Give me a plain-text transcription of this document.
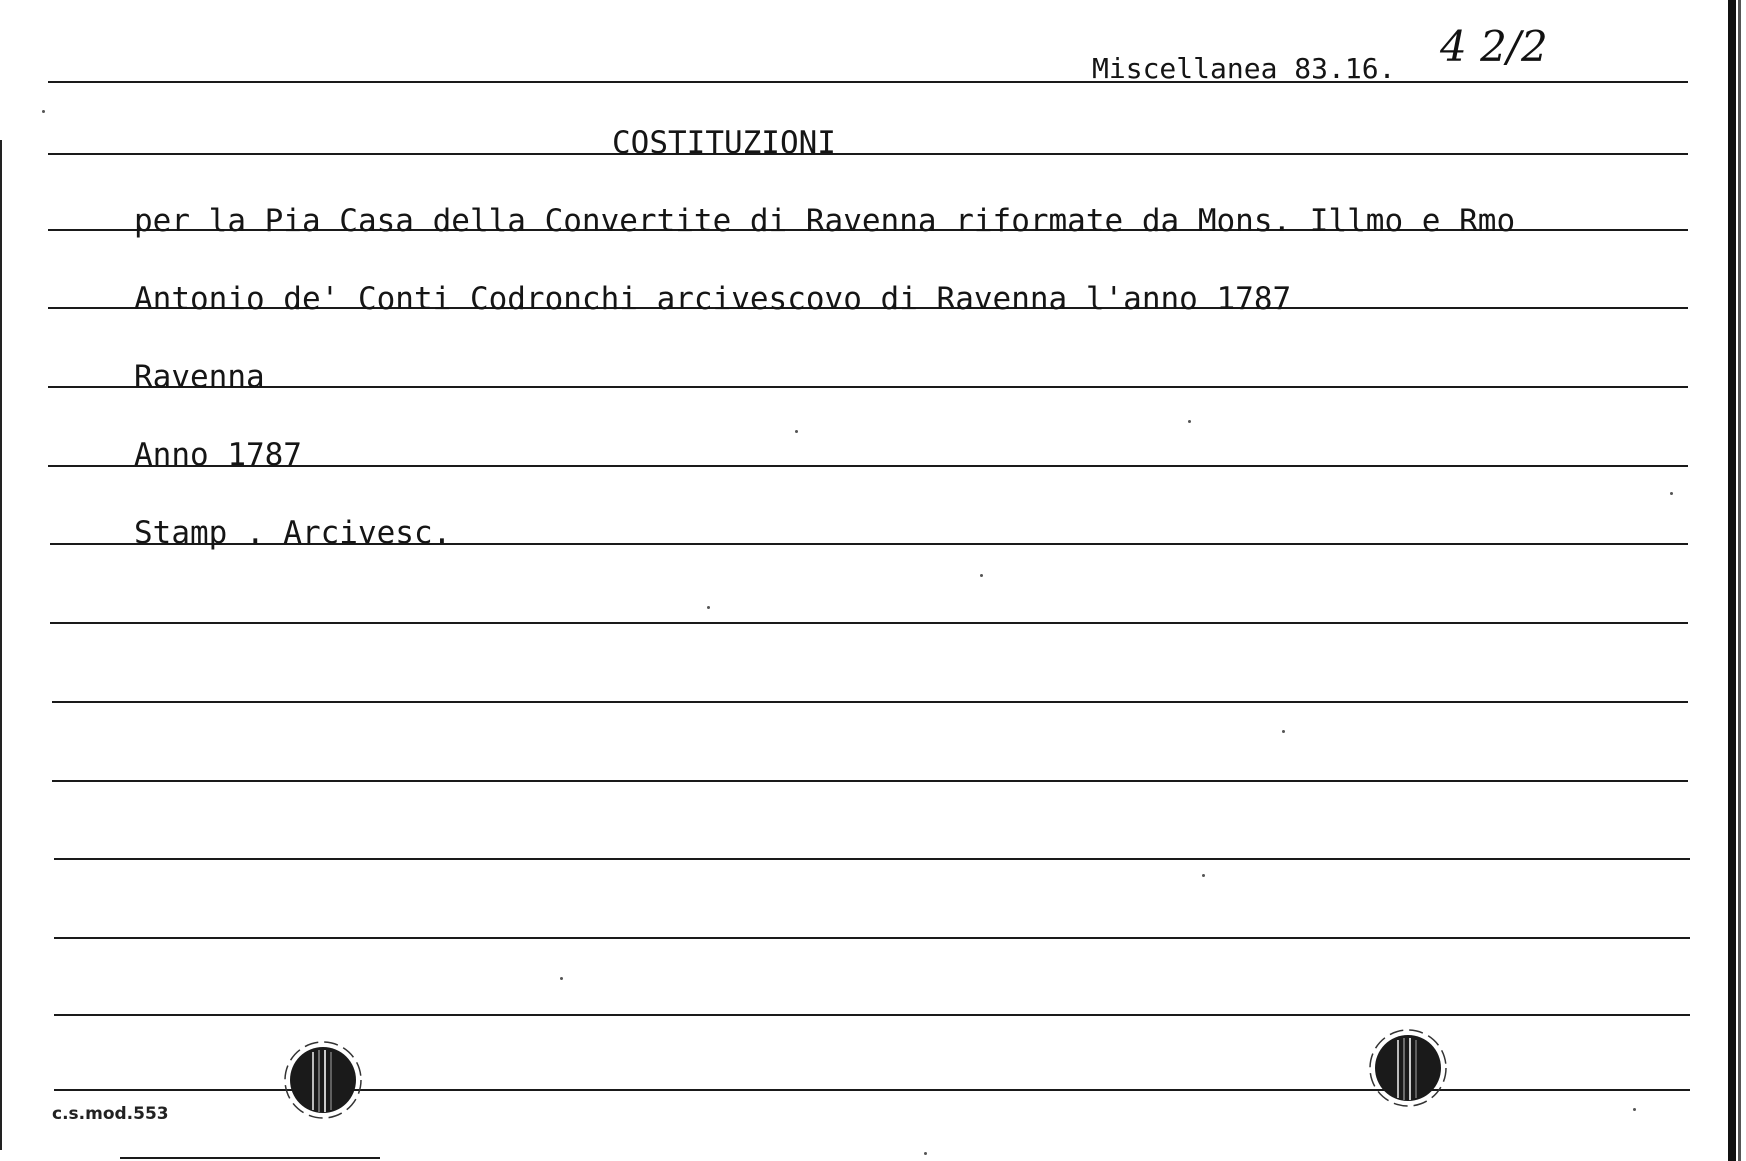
Miscellanea 83.16. 4 2/2
COSTITUZIONI
per la Pia Casa della Convertite di Ravenna riformate da Mons. Illmo e Rmo
Antonio de' Conti Codronchi arcivescovo di Ravenna l'anno 1787
Ravenna
Anno 1787
Stamp . Arcivesc.
c.s.mod.553
